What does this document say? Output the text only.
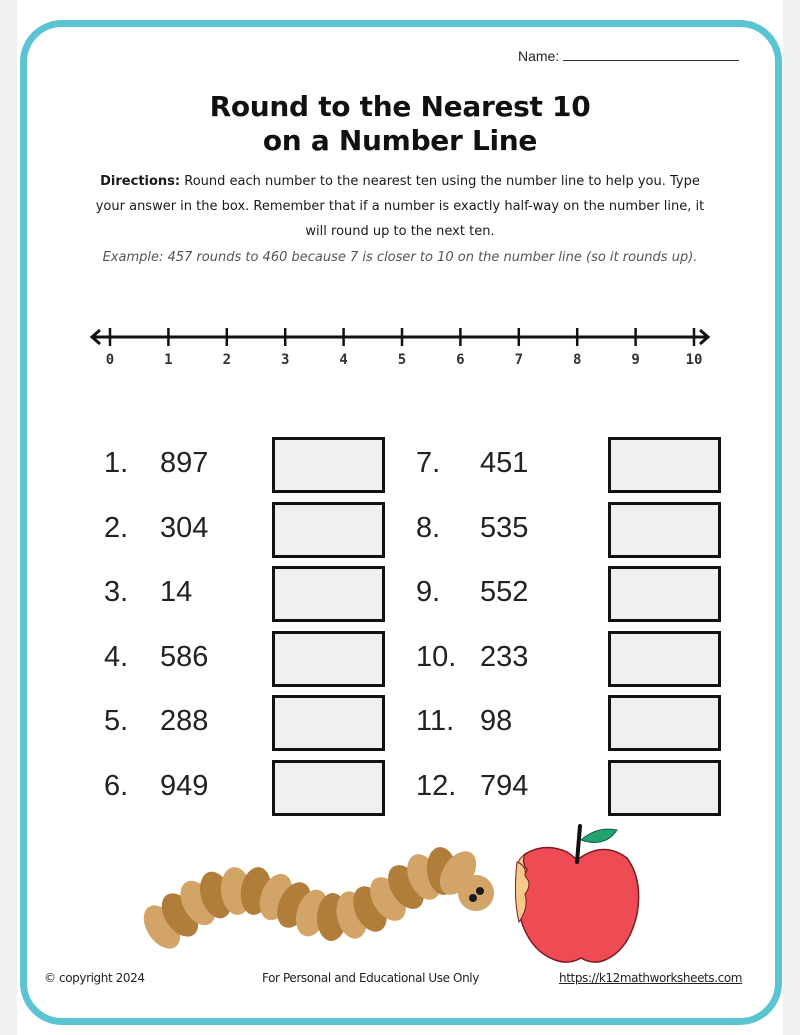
Name:
Round to the Nearest 10
on a Number Line
Directions: Round each number to the nearest ten using the number line to help you. Type your answer in the box. Remember that if a number is exactly half-way on the number line, it will round up to the next ten.
Example: 457 rounds to 460 because 7 is closer to 10 on the number line (so it rounds up).
0	1	2	3	4	5	6	7	8	9	10
1. 897
2. 304
3. 14
4. 586
5. 288
6. 949
7. 451
8. 535
9. 552
10. 233
11. 98
12. 794
© copyright 2024	For Personal and Educational Use Only	https://k12mathworksheets.com
